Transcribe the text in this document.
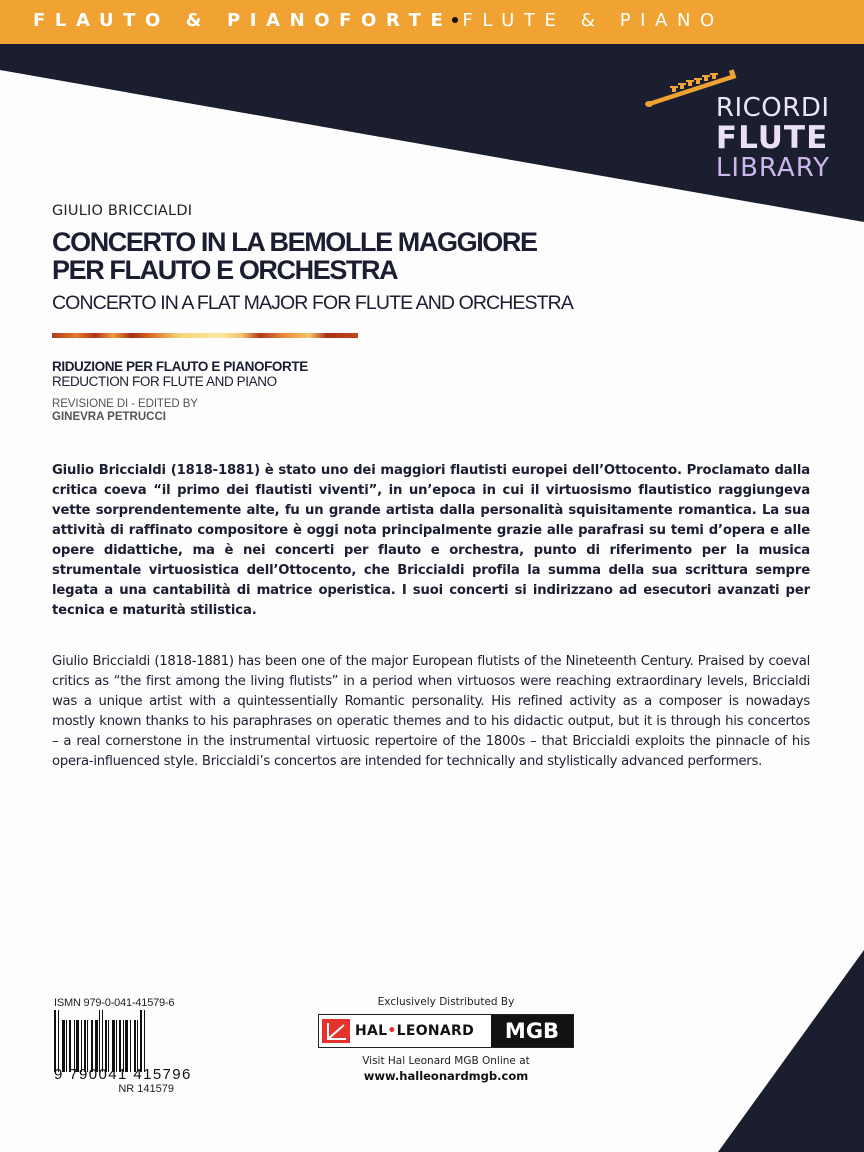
FLAUTO & PIANOFORTE FLUTE & PIANO
RICORDI
FLUTE
LIBRARY
GIULIO BRICCIALDI
CONCERTO IN LA BEMOLLE MAGGIORE
PER FLAUTO E ORCHESTRA
CONCERTO IN A FLAT MAJOR FOR FLUTE AND ORCHESTRA
RIDUZIONE PER FLAUTO E PIANOFORTE
REDUCTION FOR FLUTE AND PIANO
REVISIONE DI - EDITED BY
GINEVRA PETRUCCI

Giulio Briccialdi (1818-1881) è stato uno dei maggiori flautisti europei dell’Ottocento. Proclamato dalla critica coeva “il primo dei flautisti viventi”, in un’epoca in cui il virtuosismo flautistico raggiungeva vette sorprendentemente alte, fu un grande artista dalla personalità squisitamente romantica. La sua attività di raffinato compositore è oggi nota principalmente grazie alle parafrasi su temi d’opera e alle opere didattiche, ma è nei concerti per flauto e orchestra, punto di riferimento per la musica strumentale virtuosistica dell’Ottocento, che Briccialdi profila la summa della sua scrittura sempre legata a una cantabilità di matrice operistica. I suoi concerti si indirizzano ad esecutori avanzati per tecnica e maturità stilistica.

Giulio Briccialdi (1818-1881) has been one of the major European flutists of the Nineteenth Century. Praised by coeval critics as “the first among the living flutists” in a period when virtuosos were reaching extraordinary levels, Briccialdi was a unique artist with a quintessentially Romantic personality. His refined activity as a composer is nowadays mostly known thanks to his paraphrases on operatic themes and to his didactic output, but it is through his concertos – a real cornerstone in the instrumental virtuosic repertoire of the 1800s – that Briccialdi exploits the pinnacle of his opera-influenced style. Briccialdi’s concertos are intended for technically and stylistically advanced performers.

ISMN 979-0-041-41579-6
9 790041 415796
NR 141579
Exclusively Distributed By
HAL•LEONARD	MGB
Visit Hal Leonard MGB Online at
www.halleonardmgb.com
